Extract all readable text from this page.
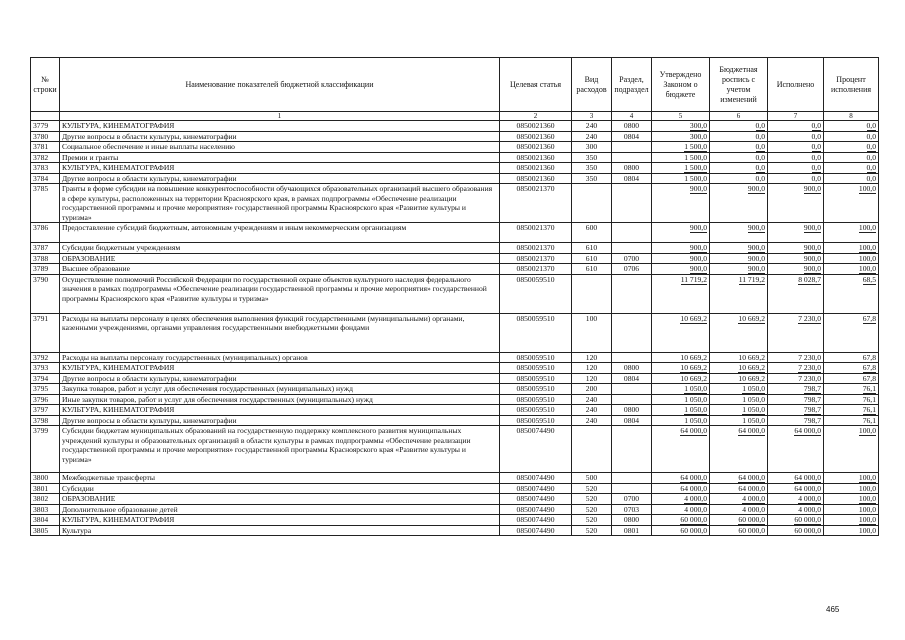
№ строки	Наименование показателей бюджетной классификации	Целевая статья	Вид расходов	Раздел, подраздел	Утверждено Законом о бюджете	Бюджетная роспись с учетом изменений	Исполнено	Процент исполнения
	1	2	3	4	5	6	7	8
3779	КУЛЬТУРА, КИНЕМАТОГРАФИЯ	0850021360	240	0800	300,0	0,0	0,0	0,0
3780	Другие вопросы в области культуры, кинематографии	0850021360	240	0804	300,0	0,0	0,0	0,0
3781	Социальное обеспечение и иные выплаты населению	0850021360	300		1 500,0	0,0	0,0	0,0
3782	Премии и гранты	0850021360	350		1 500,0	0,0	0,0	0,0
3783	КУЛЬТУРА, КИНЕМАТОГРАФИЯ	0850021360	350	0800	1 500,0	0,0	0,0	0,0
3784	Другие вопросы в области культуры, кинематографии	0850021360	350	0804	1 500,0	0,0	0,0	0,0
3785	Гранты в форме субсидии на повышение конкурентоспособности обучающихся образовательных организаций высшего образования в сфере культуры, расположенных на территории Красноярского края, в рамках подпрограммы «Обеспечение реализации государственной программы и прочие мероприятия» государственной программы Красноярского края «Развитие культуры и туризма»	0850021370			900,0	900,0	900,0	100,0
3786	Предоставление субсидий бюджетным, автономным учреждениям и иным некоммерческим организациям	0850021370	600		900,0	900,0	900,0	100,0
3787	Субсидии бюджетным учреждениям	0850021370	610		900,0	900,0	900,0	100,0
3788	ОБРАЗОВАНИЕ	0850021370	610	0700	900,0	900,0	900,0	100,0
3789	Высшее образование	0850021370	610	0706	900,0	900,0	900,0	100,0
3790	Осуществление полномочий Российской Федерации по государственной охране объектов культурного наследия федерального значения в рамках подпрограммы «Обеспечение реализации государственной программы и прочие мероприятия» государственной программы Красноярского края «Развитие культуры и туризма»	0850059510			11 719,2	11 719,2	8 028,7	68,5
3791	Расходы на выплаты персоналу в целях обеспечения выполнения функций государственными (муниципальными) органами, казенными учреждениями, органами управления государственными внебюджетными фондами	0850059510	100		10 669,2	10 669,2	7 230,0	67,8
3792	Расходы на выплаты персоналу государственных (муниципальных) органов	0850059510	120		10 669,2	10 669,2	7 230,0	67,8
3793	КУЛЬТУРА, КИНЕМАТОГРАФИЯ	0850059510	120	0800	10 669,2	10 669,2	7 230,0	67,8
3794	Другие вопросы в области культуры, кинематографии	0850059510	120	0804	10 669,2	10 669,2	7 230,0	67,8
3795	Закупка товаров, работ и услуг для обеспечения государственных (муниципальных) нужд	0850059510	200		1 050,0	1 050,0	798,7	76,1
3796	Иные закупки товаров, работ и услуг для обеспечения государственных (муниципальных) нужд	0850059510	240		1 050,0	1 050,0	798,7	76,1
3797	КУЛЬТУРА, КИНЕМАТОГРАФИЯ	0850059510	240	0800	1 050,0	1 050,0	798,7	76,1
3798	Другие вопросы в области культуры, кинематографии	0850059510	240	0804	1 050,0	1 050,0	798,7	76,1
3799	Субсидии бюджетам муниципальных образований на государственную поддержку комплексного развития муниципальных учреждений культуры и образовательных организаций в области культуры в рамках подпрограммы «Обеспечение реализации государственной программы и прочие мероприятия» государственной программы Красноярского края «Развитие культуры и туризма»	0850074490			64 000,0	64 000,0	64 000,0	100,0
3800	Межбюджетные трансферты	0850074490	500		64 000,0	64 000,0	64 000,0	100,0
3801	Субсидии	0850074490	520		64 000,0	64 000,0	64 000,0	100,0
3802	ОБРАЗОВАНИЕ	0850074490	520	0700	4 000,0	4 000,0	4 000,0	100,0
3803	Дополнительное образование детей	0850074490	520	0703	4 000,0	4 000,0	4 000,0	100,0
3804	КУЛЬТУРА, КИНЕМАТОГРАФИЯ	0850074490	520	0800	60 000,0	60 000,0	60 000,0	100,0
3805	Культура	0850074490	520	0801	60 000,0	60 000,0	60 000,0	100,0
465
